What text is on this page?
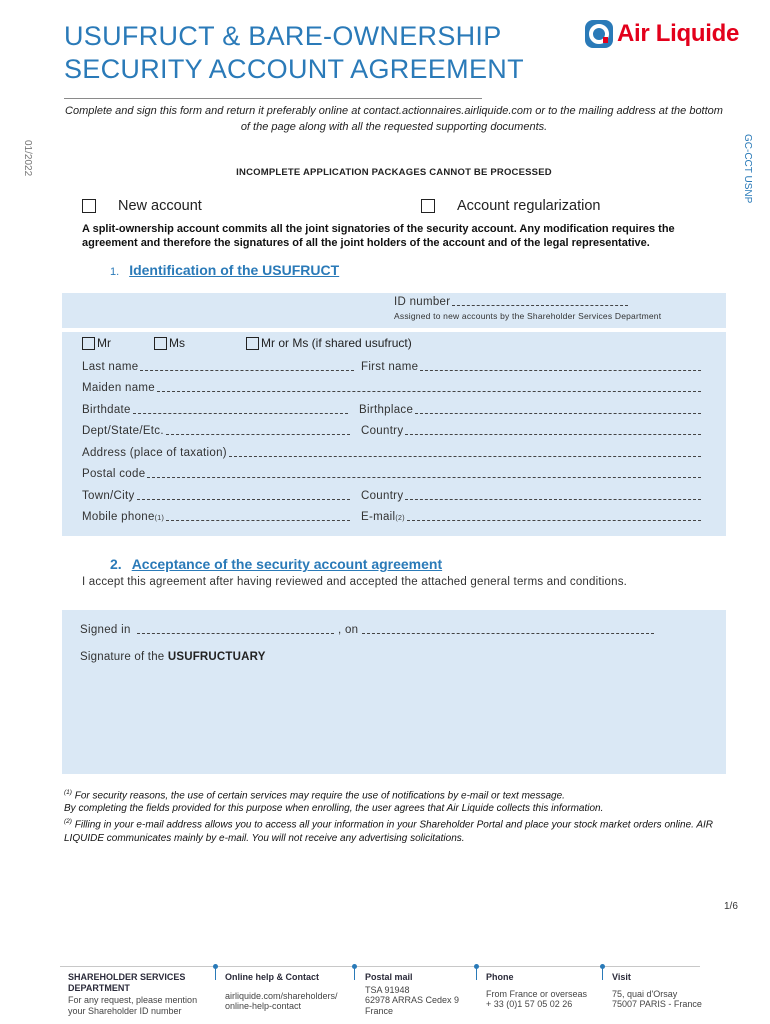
USUFRUCT & BARE-OWNERSHIP
SECURITY ACCOUNT AGREEMENT
Air Liquide
Complete and sign this form and return it preferably online at contact.actionnaires.airliquide.com or to the mailing address at the bottom of the page along with all the requested supporting documents.
01/2022	GC-CCT USNP
INCOMPLETE APPLICATION PACKAGES CANNOT BE PROCESSED
New account	Account regularization
A split-ownership account commits all the joint signatories of the security account. Any modification requires the agreement and therefore the signatures of all the joint holders of the account and of the legal representative.
1. Identification of the USUFRUCT
ID number
Assigned to new accounts by the Shareholder Services Department
Mr	Ms	Mr or Ms (if shared usufruct)
Last name	First name
Maiden name
Birthdate	Birthplace
Dept/State/Etc.	Country
Address (place of taxation)
Postal code
Town/City	Country
Mobile phone (1)	E-mail (2)
2. Acceptance of the security account agreement
I accept this agreement after having reviewed and accepted the attached general terms and conditions.
Signed in	, on
Signature of the USUFRUCTUARY
$^{(1)}$ For security reasons, the use of certain services may require the use of notifications by e-mail or text message.
By completing the fields provided for this purpose when enrolling, the user agrees that Air Liquide collects this information.
$^{(2)}$ Filling in your e-mail address allows you to access all your information in your Shareholder Portal and place your stock market orders online. AIR LIQUIDE communicates mainly by e-mail. You will not receive any advertising solicitations.
1/6
SHAREHOLDER SERVICES
DEPARTMENT
For any request, please mention
your Shareholder ID number
Online help & Contact
airliquide.com/shareholders/
online-help-contact
Postal mail
TSA 91948
62978 ARRAS Cedex 9
France
Phone
From France or overseas
+ 33 (0)1 57 05 02 26
Visit
75, quai d'Orsay
75007 PARIS - France
